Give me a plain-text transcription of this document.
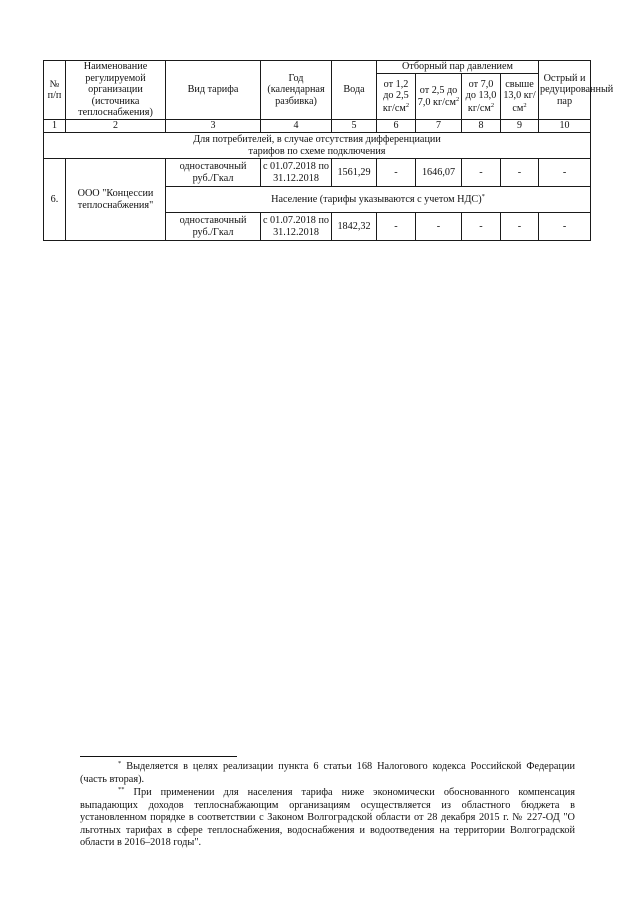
№ п/п	Наименование регулируемой организации (источника теплоснабжения)	Вид тарифа	Год (календарная разбивка)	Вода	Отборный пар давлением				Острый и редуцированный пар
					от 1,2 до 2,5 $кг/см^2$	от 2,5 до 7,0 $кг/см^2$	от 7,0 до 13,0 $кг/см^2$	свыше 13,0 $кг/см^2$
1	2	3	4	5	6	7	8	9	10
Для потребителей, в случае отсутствия дифференциации тарифов по схеме подключения									
6.	ООО "Концессии теплоснабжения"	одноставочный руб./Гкал	с 01.07.2018 по 31.12.2018	1561,29	-	1646,07	-	-	-
		Население (тарифы указываются с учетом НДС)*
		одноставочный руб./Гкал	с 01.07.2018 по 31.12.2018	1842,32	-	-	-	-	-

* Выделяется в целях реализации пункта 6 статьи 168 Налогового кодекса Российской Федерации (часть вторая).

** При применении для населения тарифа ниже экономически обоснованного компенсация выпадающих доходов теплоснабжающим организациям осуществляется из областного бюджета в установленном порядке в соответствии с Законом Волгоградской области от 28 декабря 2015 г. № 227-ОД "О льготных тарифах в сфере теплоснабжения, водоснабжения и водоотведения на территории Волгоградской области в 2016–2018 годы".
